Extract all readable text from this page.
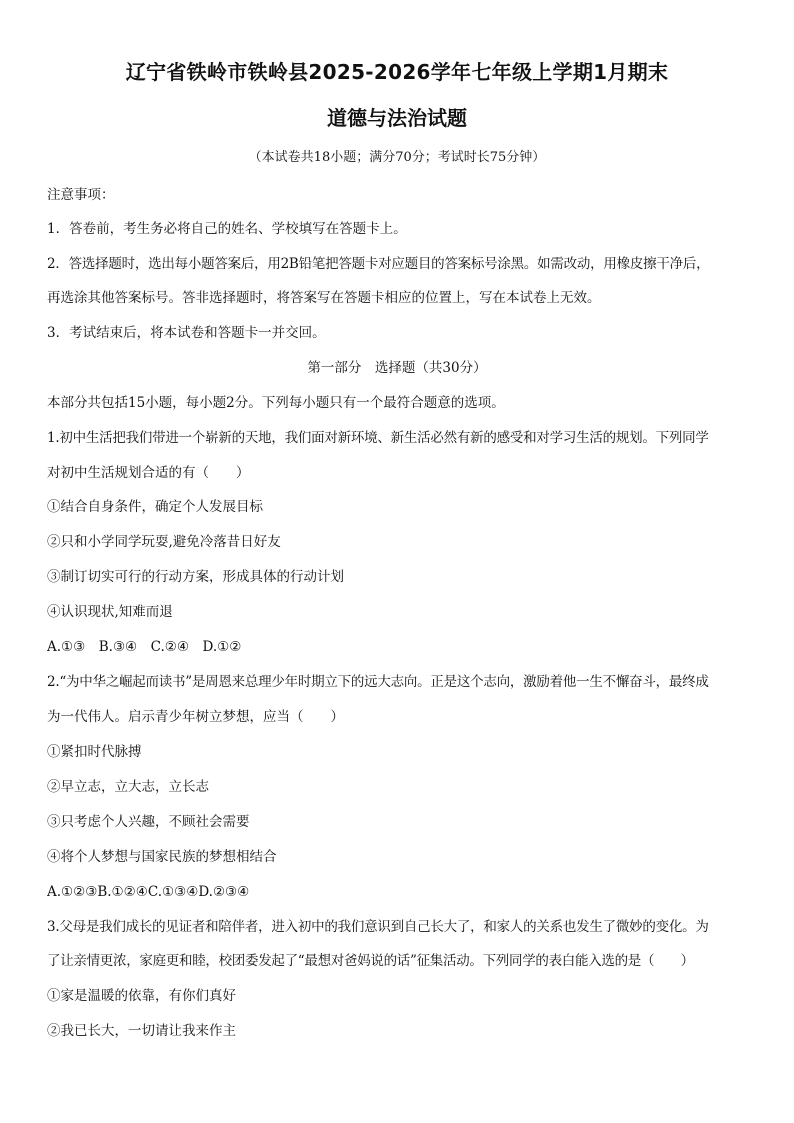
辽宁省铁岭市铁岭县2025-2026学年七年级上学期1月期末
道德与法治试题
（本试卷共18小题；满分70分；考试时长75分钟）
注意事项：
1．答卷前，考生务必将自己的姓名、学校填写在答题卡上。
2．答选择题时，选出每小题答案后，用2B铅笔把答题卡对应题目的答案标号涂黑。如需改动，用橡皮擦干净后，
再选涂其他答案标号。答非选择题时，将答案写在答题卡相应的位置上，写在本试卷上无效。
3．考试结束后，将本试卷和答题卡一并交回。
第一部分　选择题（共30分）
本部分共包括15小题，每小题2分。下列每小题只有一个最符合题意的选项。
1.初中生活把我们带进一个崭新的天地，我们面对新环境、新生活必然有新的感受和对学习生活的规划。下列同学
对初中生活规划合适的有（　　）
①结合自身条件，确定个人发展目标
②只和小学同学玩耍,避免冷落昔日好友
③制订切实可行的行动方案，形成具体的行动计划
④认识现状,知难而退
A.①③　B.③④　C.②④　D.①②
2.“为中华之崛起而读书”是周恩来总理少年时期立下的远大志向。正是这个志向，激励着他一生不懈奋斗，最终成
为一代伟人。启示青少年树立梦想，应当（　　）
①紧扣时代脉搏
②早立志，立大志，立长志
③只考虑个人兴趣，不顾社会需要
④将个人梦想与国家民族的梦想相结合
A.①②③B.①②④C.①③④D.②③④
3.父母是我们成长的见证者和陪伴者，进入初中的我们意识到自己长大了，和家人的关系也发生了微妙的变化。为
了让亲情更浓，家庭更和睦，校团委发起了“最想对爸妈说的话”征集活动。下列同学的表白能入选的是（　　）
①家是温暖的依靠，有你们真好
②我已长大，一切请让我来作主
